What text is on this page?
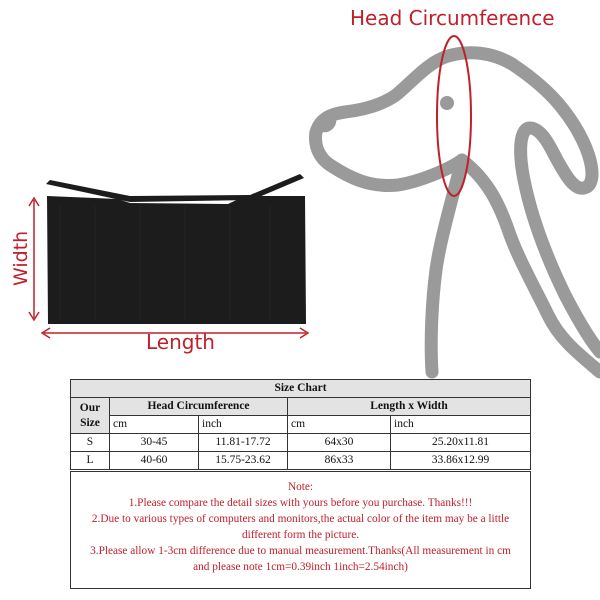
Head Circumference
Width
Length
Size Chart				
Our
Size	Head Circumference		Length x Width	
	cm	inch	cm	inch
S	30-45	11.81-17.72	64x30	25.20x11.81
L	40-60	15.75-23.62	86x33	33.86x12.99
Note:
1.Please compare the detail sizes with yours before you purchase. Thanks!!!
2.Due to various types of computers and monitors,the actual color of the item may be a little
different form the picture.
3.Please allow 1-3cm difference due to manual measurement.Thanks(All measurement in cm
and please note 1cm=0.39inch 1inch=2.54inch)
